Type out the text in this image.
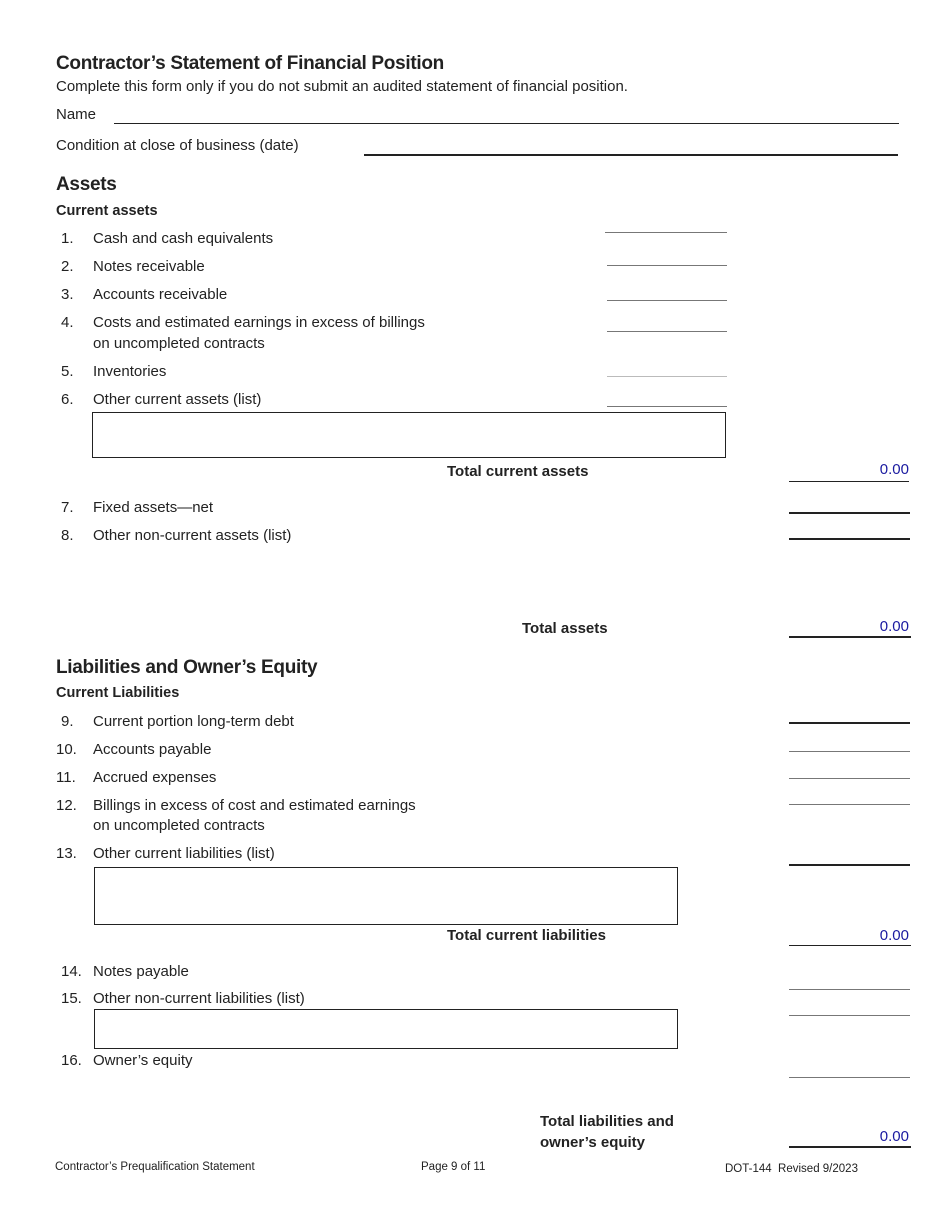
Contractor’s Statement of Financial Position
Complete this form only if you do not submit an audited statement of financial position.
Name
Condition at close of business (date)
Assets
Current assets
1. Cash and cash equivalents
2. Notes receivable
3. Accounts receivable
4. Costs and estimated earnings in excess of billings
on uncompleted contracts
5. Inventories
6. Other current assets (list)
Total current assets	0.00
7. Fixed assets—net
8. Other non-current assets (list)
Total assets	0.00
Liabilities and Owner’s Equity
Current Liabilities
9. Current portion long-term debt
10. Accounts payable
11. Accrued expenses
12. Billings in excess of cost and estimated earnings
on uncompleted contracts
13. Other current liabilities (list)
Total current liabilities	0.00
14. Notes payable
15. Other non-current liabilities (list)
16. Owner’s equity
Total liabilities and
owner’s equity	0.00
Contractor’s Prequalification Statement	Page 9 of 11	DOT-144  Revised 9/2023
